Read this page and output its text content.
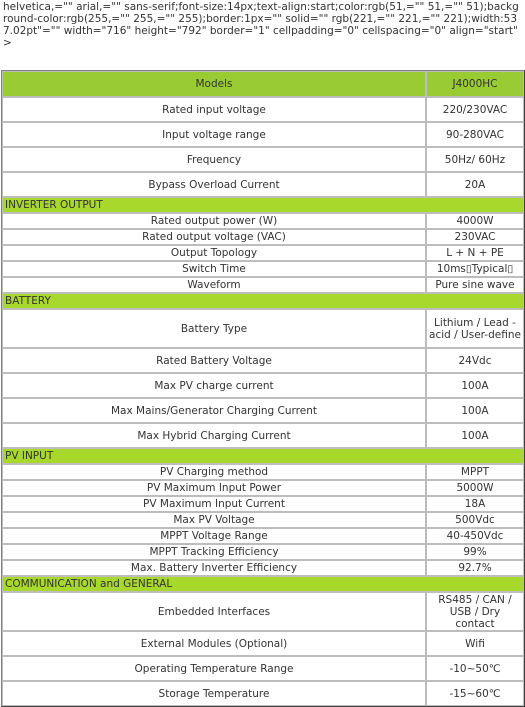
helvetica,="" arial,="" sans-serif;font-size:14px;text-align:start;color:rgb(51,="" 51,="" 51);background-color:rgb(255,="" 255,="" 255);border:1px="" solid="" rgb(221,="" 221,="" 221);width:537.02pt"="" width="716" height="792" border="1" cellpadding="0" cellspacing="0" align="start"
>
Models	J4000HC
Rated input voltage	220/230VAC
Input voltage range	90-280VAC
Frequency	50Hz/ 60Hz
Bypass Overload Current	20A
INVERTER OUTPUT	
Rated output power (W)	4000W
Rated output voltage (VAC)	230VAC
Output Topology	L + N + PE
Switch Time	10ms▯Typical▯
Waveform	Pure sine wave
BATTERY	
Battery Type	Lithium / Lead - acid / User-define
Rated Battery Voltage	24Vdc
Max PV charge current	100A
Max Mains/Generator Charging Current	100A
Max Hybrid Charging Current	100A
PV INPUT	
PV Charging method	MPPT
PV Maximum Input Power	5000W
PV Maximum Input Current	18A
Max PV Voltage	500Vdc
MPPT Voltage Range	40-450Vdc
MPPT Tracking Efficiency	99%
Max. Battery Inverter Efficiency	92.7%
COMMUNICATION and GENERAL	
Embedded Interfaces	RS485 / CAN / USB / Dry contact
External Modules (Optional)	Wifi
Operating Temperature Range	-10~50℃
Storage Temperature	-15~60℃
